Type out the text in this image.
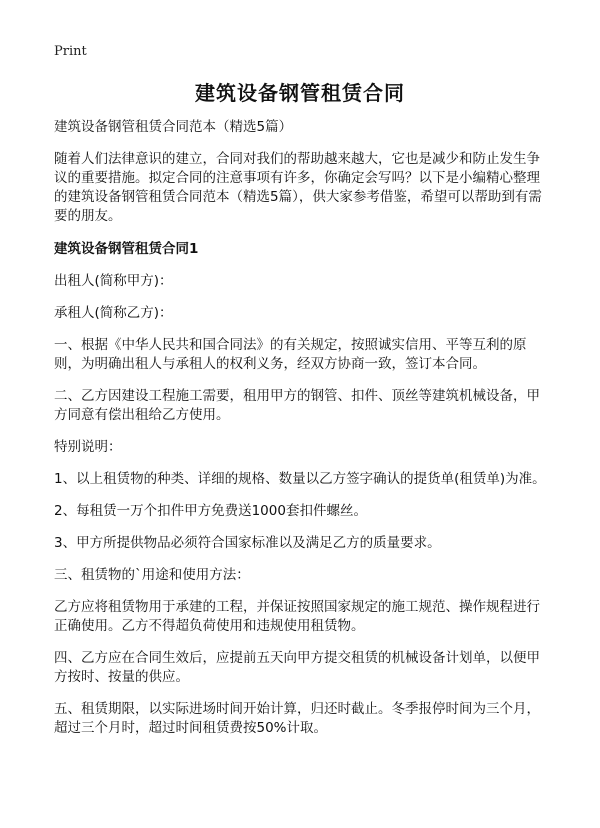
Print
建筑设备钢管租赁合同

建筑设备钢管租赁合同范本（精选5篇）

随着人们法律意识的建立，合同对我们的帮助越来越大，它也是减少和防止发生争议的重要措施。拟定合同的注意事项有许多，你确定会写吗？以下是小编精心整理的建筑设备钢管租赁合同范本（精选5篇），供大家参考借鉴，希望可以帮助到有需要的朋友。

建筑设备钢管租赁合同1

出租人(简称甲方)：

承租人(简称乙方)：

一、根据《中华人民共和国合同法》的有关规定，按照诚实信用、平等互利的原则，为明确出租人与承租人的权利义务，经双方协商一致，签订本合同。

二、乙方因建设工程施工需要，租用甲方的钢管、扣件、顶丝等建筑机械设备，甲方同意有偿出租给乙方使用。

特别说明：

1、以上租赁物的种类、详细的规格、数量以乙方签字确认的提货单(租赁单)为准。

2、每租赁一万个扣件甲方免费送1000套扣件螺丝。

3、甲方所提供物品必须符合国家标准以及满足乙方的质量要求。

三、租赁物的`用途和使用方法：

乙方应将租赁物用于承建的工程，并保证按照国家规定的施工规范、操作规程进行正确使用。乙方不得超负荷使用和违规使用租赁物。

四、乙方应在合同生效后，应提前五天向甲方提交租赁的机械设备计划单，以便甲方按时、按量的供应。

五、租赁期限，以实际进场时间开始计算，归还时截止。冬季报停时间为三个月，超过三个月时，超过时间租赁费按50%计取。
